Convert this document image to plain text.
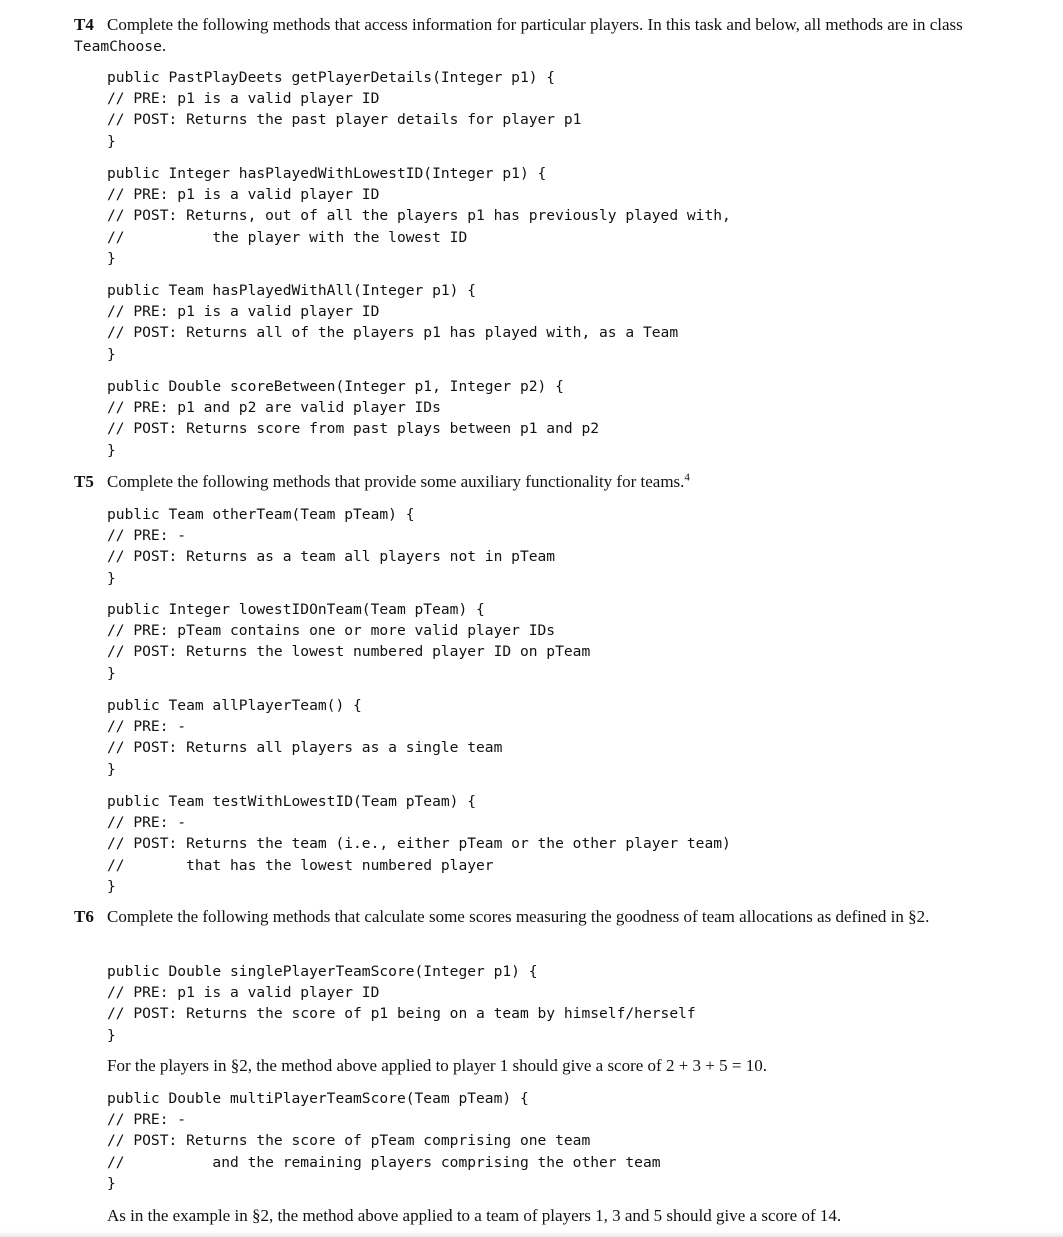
T4 Complete the following methods that access information for particular players. In this task and below, all methods are in class TeamChoose.
public PastPlayDeets getPlayerDetails(Integer p1) {
// PRE: p1 is a valid player ID
// POST: Returns the past player details for player p1
}
public Integer hasPlayedWithLowestID(Integer p1) {
// PRE: p1 is a valid player ID
// POST: Returns, out of all the players p1 has previously played with,
//          the player with the lowest ID
}
public Team hasPlayedWithAll(Integer p1) {
// PRE: p1 is a valid player ID
// POST: Returns all of the players p1 has played with, as a Team
}
public Double scoreBetween(Integer p1, Integer p2) {
// PRE: p1 and p2 are valid player IDs
// POST: Returns score from past plays between p1 and p2
}
T5 Complete the following methods that provide some auxiliary functionality for teams.$^4$
public Team otherTeam(Team pTeam) {
// PRE: -
// POST: Returns as a team all players not in pTeam
}
public Integer lowestIDOnTeam(Team pTeam) {
// PRE: pTeam contains one or more valid player IDs
// POST: Returns the lowest numbered player ID on pTeam
}
public Team allPlayerTeam() {
// PRE: -
// POST: Returns all players as a single team
}
public Team testWithLowestID(Team pTeam) {
// PRE: -
// POST: Returns the team (i.e., either pTeam or the other player team)
//       that has the lowest numbered player
}
T6 Complete the following methods that calculate some scores measuring the goodness of team allocations as defined in §2.
public Double singlePlayerTeamScore(Integer p1) {
// PRE: p1 is a valid player ID
// POST: Returns the score of p1 being on a team by himself/herself
}
For the players in §2, the method above applied to player 1 should give a score of 2 + 3 + 5 = 10.
public Double multiPlayerTeamScore(Team pTeam) {
// PRE: -
// POST: Returns the score of pTeam comprising one team
//          and the remaining players comprising the other team
}
As in the example in §2, the method above applied to a team of players 1, 3 and 5 should give a score of 14.
